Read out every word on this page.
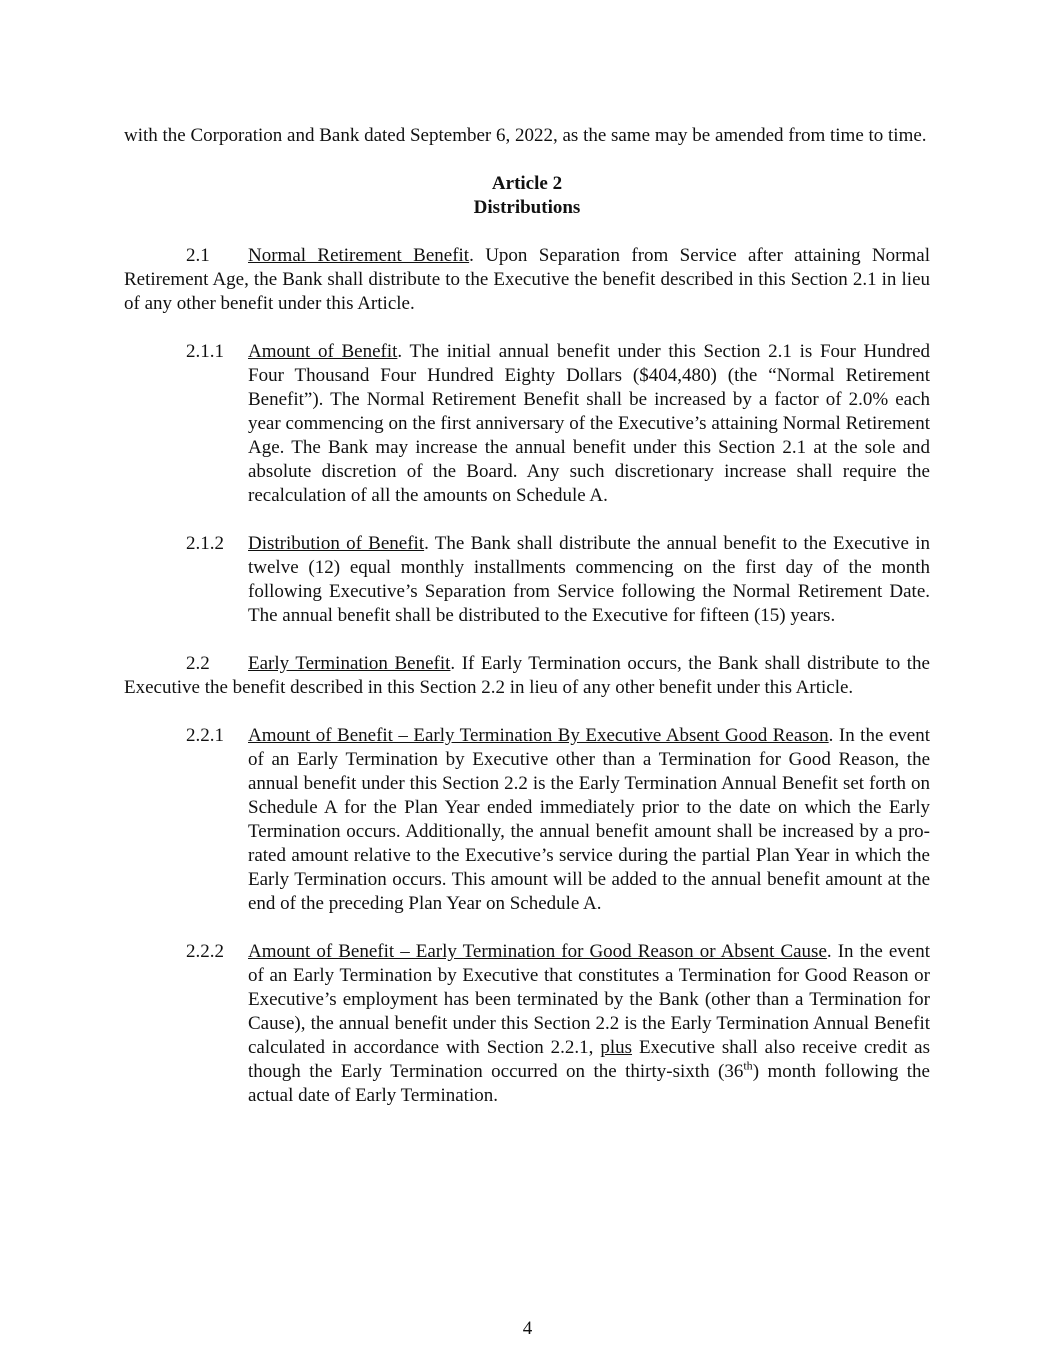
with the Corporation and Bank dated September 6, 2022, as the same may be amended from time to time.

Article 2
Distributions

2.1 Normal Retirement Benefit. Upon Separation from Service after attaining Normal Retirement Age, the Bank shall distribute to the Executive the benefit described in this Section 2.1 in lieu of any other benefit under this Article.

2.1.1	Amount of Benefit. The initial annual benefit under this Section 2.1 is Four Hundred Four Thousand Four Hundred Eighty Dollars ($404,480) (the “Normal Retirement Benefit”). The Normal Retirement Benefit shall be increased by a factor of 2.0% each year commencing on the first anniversary of the Executive’s attaining Normal Retirement Age. The Bank may increase the annual benefit under this Section 2.1 at the sole and absolute discretion of the Board. Any such discretionary increase shall require the recalculation of all the amounts on Schedule A.
2.1.2	Distribution of Benefit. The Bank shall distribute the annual benefit to the Executive in twelve (12) equal monthly installments commencing on the first day of the month following Executive’s Separation from Service following the Normal Retirement Date. The annual benefit shall be distributed to the Executive for fifteen (15) years.

2.2 Early Termination Benefit. If Early Termination occurs, the Bank shall distribute to the Executive the benefit described in this Section 2.2 in lieu of any other benefit under this Article.

2.2.1	Amount of Benefit – Early Termination By Executive Absent Good Reason. In the event of an Early Termination by Executive other than a Termination for Good Reason, the annual benefit under this Section 2.2 is the Early Termination Annual Benefit set forth on Schedule A for the Plan Year ended immediately prior to the date on which the Early Termination occurs. Additionally, the annual benefit amount shall be increased by a pro-rated amount relative to the Executive’s service during the partial Plan Year in which the Early Termination occurs. This amount will be added to the annual benefit amount at the end of the preceding Plan Year on Schedule A.
2.2.2	Amount of Benefit – Early Termination for Good Reason or Absent Cause. In the event of an Early Termination by Executive that constitutes a Termination for Good Reason or Executive’s employment has been terminated by the Bank (other than a Termination for Cause), the annual benefit under this Section 2.2 is the Early Termination Annual Benefit calculated in accordance with Section 2.2.1, plus Executive shall also receive credit as though the Early Termination occurred on the thirty-sixth (36th) month following the actual date of Early Termination.
4
